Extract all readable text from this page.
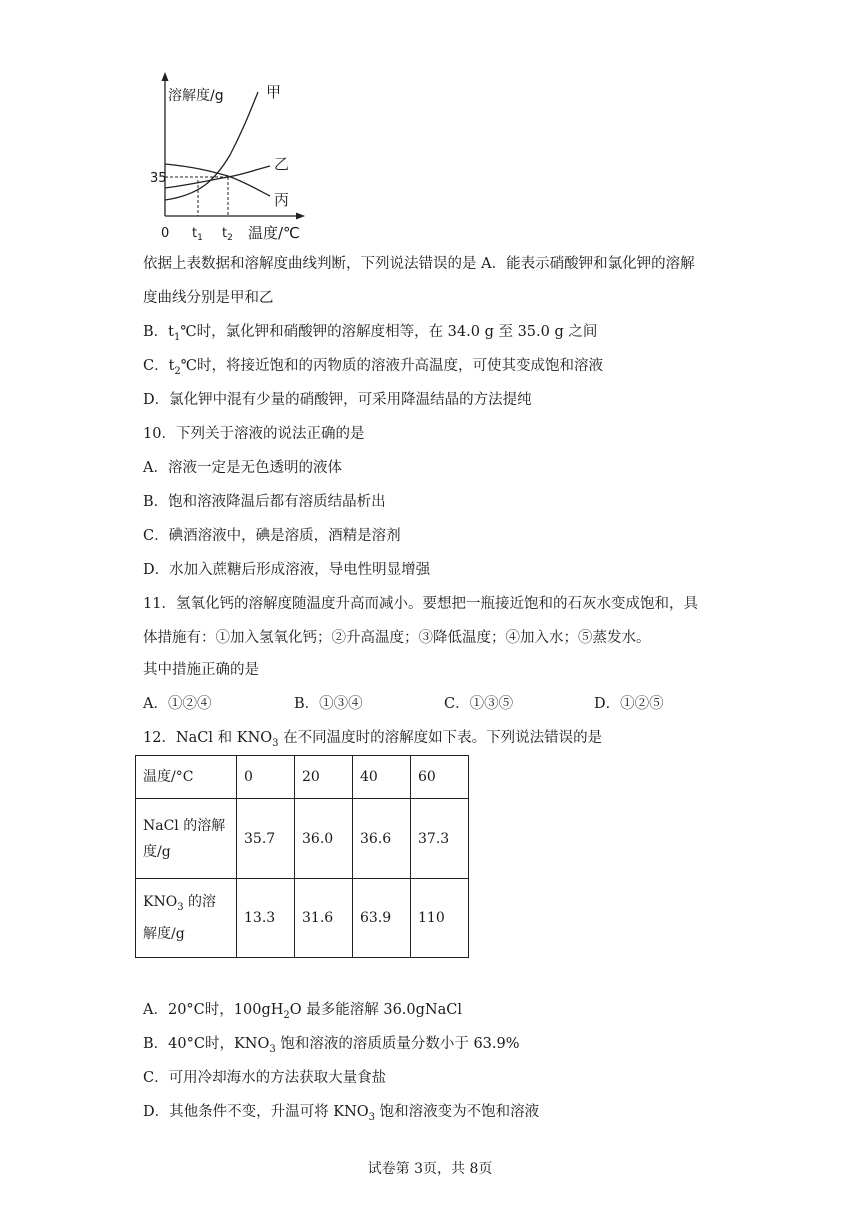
溶解度/g
35
0 $t_1$ $t_2$ 温度/℃
甲
乙
丙
依据上表数据和溶解度曲线判断，下列说法错误的是 A．能表示硝酸钾和氯化钾的溶解
度曲线分别是甲和乙
B．$t_1℃$时，氯化钾和硝酸钾的溶解度相等，在 34.0 g 至 35.0 g 之间
C．$t_2℃$时，将接近饱和的丙物质的溶液升高温度，可使其变成饱和溶液
D．氯化钾中混有少量的硝酸钾，可采用降温结晶的方法提纯
10．下列关于溶液的说法正确的是
A．溶液一定是无色透明的液体
B．饱和溶液降温后都有溶质结晶析出
C．碘酒溶液中，碘是溶质，酒精是溶剂
D．水加入蔗糖后形成溶液，导电性明显增强
11．氢氧化钙的溶解度随温度升高而减小。要想把一瓶接近饱和的石灰水变成饱和，具
体措施有：①加入氢氧化钙；②升高温度；③降低温度；④加入水；⑤蒸发水。
其中措施正确的是
A．①②④	B．①③④	C．①③⑤	D．①②⑤
12．NaCl 和 $KNO_3$ 在不同温度时的溶解度如下表。下列说法错误的是
温度/°C	0	20	40	60
NaCl 的溶解
度/g	35.7	36.0	36.6	37.3
$KNO_3$ 的溶
解度/g	13.3	31.6	63.9	110
A．20°C时，$100gH_2O$ 最多能溶解 36.0gNaCl
B．40°C时，$KNO_3$ 饱和溶液的溶质质量分数小于 63.9%
C．可用冷却海水的方法获取大量食盐
D．其他条件不变，升温可将 $KNO_3$ 饱和溶液变为不饱和溶液
试卷第 3页，共 8页
